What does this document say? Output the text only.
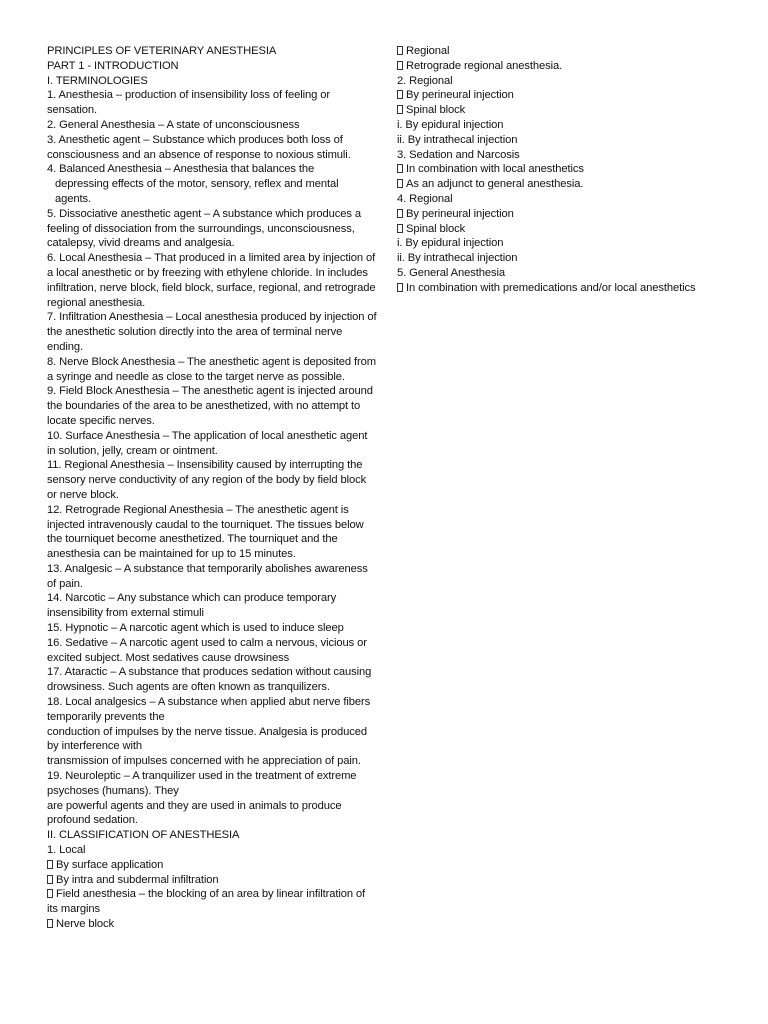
PRINCIPLES OF VETERINARY ANESTHESIA
PART 1 - INTRODUCTION
I. TERMINOLOGIES
1. Anesthesia – production of insensibility loss of feeling or sensation.
2. General Anesthesia – A state of unconsciousness
3. Anesthetic agent – Substance which produces both loss of consciousness and an absence of response to noxious stimuli.
4. Balanced Anesthesia – Anesthesia that balances the
depressing effects of the motor, sensory, reflex and mental agents.
5. Dissociative anesthetic agent – A substance which produces a feeling of dissociation from the surroundings, unconsciousness, catalepsy, vivid dreams and analgesia.
6. Local Anesthesia – That produced in a limited area by injection of a local anesthetic or by freezing with ethylene chloride. In includes infiltration, nerve block, field block, surface, regional, and retrograde regional anesthesia.
7. Infiltration Anesthesia – Local anesthesia produced by injection of the anesthetic solution directly into the area of terminal nerve ending.
8. Nerve Block Anesthesia – The anesthetic agent is deposited from a syringe and needle as close to the target nerve as possible.
9. Field Block Anesthesia – The anesthetic agent is injected around the boundaries of the area to be anesthetized, with no attempt to locate specific nerves.
10. Surface Anesthesia – The application of local anesthetic agent in solution, jelly, cream or ointment.
11. Regional Anesthesia – Insensibility caused by interrupting the sensory nerve conductivity of any region of the body by field block or nerve block.
12. Retrograde Regional Anesthesia – The anesthetic agent is injected intravenously caudal to the tourniquet. The tissues below the tourniquet become anesthetized. The tourniquet and the anesthesia can be maintained for up to 15 minutes.
13. Analgesic – A substance that temporarily abolishes awareness of pain.
14. Narcotic – Any substance which can produce temporary insensibility from external stimuli
15. Hypnotic – A narcotic agent which is used to induce sleep
16. Sedative – A narcotic agent used to calm a nervous, vicious or excited subject. Most sedatives cause drowsiness
17. Ataractic – A substance that produces sedation without causing drowsiness. Such agents are often known as tranquilizers.
18. Local analgesics – A substance when applied abut nerve fibers temporarily prevents the
conduction of impulses by the nerve tissue. Analgesia is produced by interference with
transmission of impulses concerned with he appreciation of pain.
19. Neuroleptic – A tranquilizer used in the treatment of extreme psychoses (humans). They
are powerful agents and they are used in animals to produce profound sedation.
II. CLASSIFICATION OF ANESTHESIA
1. Local
By surface application
By intra and subdermal infiltration
Field anesthesia – the blocking of an area by linear infiltration of its margins
Nerve block
Regional
Retrograde regional anesthesia.
2. Regional
By perineural injection
Spinal block
i. By epidural injection
ii. By intrathecal injection
3. Sedation and Narcosis
In combination with local anesthetics
As an adjunct to general anesthesia.
4. Regional
By perineural injection
Spinal block
i. By epidural injection
ii. By intrathecal injection
5. General Anesthesia
In combination with premedications and/or local anesthetics
